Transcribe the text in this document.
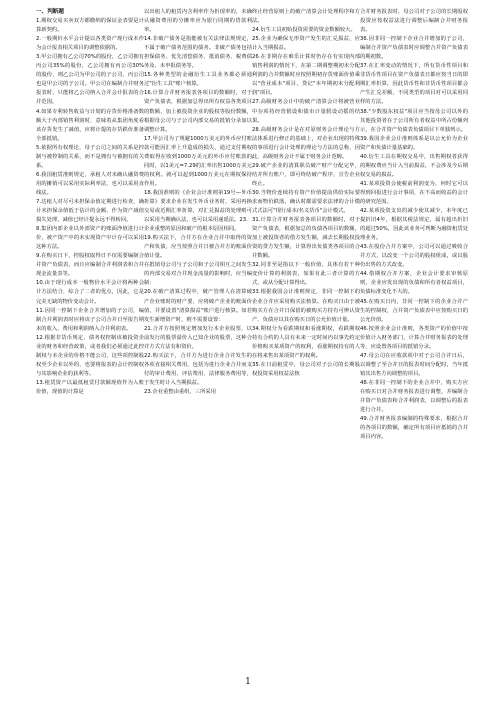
一、判断题

1.期权交易买卖双方都缴纳的保证金表要是计算新契约。

2.一般期价水平会计提以各类资产现行成本作为会计报表相关项目的调整依据的。

3.甲公司拥有乙公司70%的股份，乙公司拥有丙公司35%的股份，乙公司拥有丙公司30%的股份，则乙公司为甲公司的子公司，丙公司也是甲公司的子公司。甲公司在编制合并财务报表时，只能将乙公司纳入合并会计报表的合并范围。

4.如果专利转售收益与计划的存货价格准备数额大于内部销售利润时，意味着从集团角度看该存货发生了减值，应将计提的存货跌价准备全部抵销。

5.依据所有权理论，母子公司之间的关系是控制与被控制的关系，而不是拥有与被拥有的关系。

6.我国租赁准则规定，承租人对未确认融资费用的摊销可以采用实际利率法，也可以采用直线法。

7.达租人对尽可未担保余值定期进行检查，确计未担保余值低于估计的金额，作为资产减值损失处理，减值已经计提永远不得转回。

8.集团内部企业以外部资产的账面净值进行计价，被产资产中的未实现资产中计存可以采用这种方法。

9.在购买日下，控股权取得日不仅需要编制合并资产负债表，而且应编制合并利润表和合并现金流量表等。

10.由于现行成本一般物价水平会计将两种会计方法结合，综合了二者的优点，因此，它是完美无缺的物价变动会计。

11.因同一控制下企业合并增加的子公司，编制合并利润表时应将该子公司合并日至报告期末的收入、费用和利润纳入合并利润表。

12.根据非货币规定，债务权控制该被投资企业的财务和经营政策，或者我们必须通过此控制权与本企业的价格不能公司，这些项控制股权至少企业以外的，也要将报表的会计控制权与其影响企业的获利等。

13.租赁资产以最低租赁付款额现值作为入账价值，现值的计算是

以出租人的租赁内含利率作为折现率的，未确认融资费用的分摊率应为银行同期的贷款利率。

14.非破产债务是指能被有关法律法规规定，不属于破产债务范围的债务。非破产债务包括担保债务、优先清偿债务、抵消债务、税费债务及、未申报债务等。

15.各种类型的金融衍生工具业务都必须通过"衍生工具"账户核算。

16.计算合并财务报表各项目的数额时，对于资产负债表，根据加总得出所有权益各类项目的数额，加上被投资企业的股权等股份数额，根据母公司与子公司内部交易的抵销分录加以调整计算。

17.甲公司为了规避1000万美元的外币应付账款可能因汇率上升造成的损失，通过支付期权费取得在收到1000万美元的外币应付账款的同时，以1美元=7.29的汇率出售1000万美元的权利。就可以起到1000万美元在期权保持作用。

18.我国准则的《企业会计准则第19号—外币折算》要求企业在发生外币业务时，采用再换交易或近期汇率折算，对汇兑损益的处理则可以采用当期确认法，也可以采用递延法。23.

企业重整的原因和破产的根本原因相同。

19.购买法下，合并方在企业合并中取得的资产和负债，应当按照合并日被合并方的账面价值计量。

在抵销母公司与子公司和子公司相互之间发生的内部交易对合并现金流量的影响时，应当编制：

20.在破产清算过程中，破产管理人在清算破产企业账时的财产要，应将破产企业的账面价值，并要设置"清算损益"账户进行核算。如若发生新增资产时，则不需要设置：

21.合并方按照规定增加发行本企业股票，以前发行的股票溢价入已知企业的股票，这种合并方式方法有和资价。

22.购买法下，合并方为进行企业合并发生的各项直接相关费用，包括为进行企业合并而支付的审计费用、评估费用、法律服务费用等，于发生时计入当期损益。

23.企业重整由重组，三所采用

终止经营原则上的破产清算会计处理程序和方法。

24.衍生工具初始投资需要的资金数额较大。

25.企业为确保无形资产发生的汇兑损益，应计入当期损益。

26.在非期存在难乐计算时仍存在有实现内部销售利润的情况下，在第二期调整期初未分配利润的合并数额时应按照期初存货账面价值乘以"营业成本"项目，贷记"本年期初未分配利润"项目。

27.高级财务会计中的破产清算会计将被营业中存项持经营假设和债市计量假设动摇的结果。

28.高级财务会计是在对原财务会计理论与方法体系进行修正的基础上，对企业出现的特殊的事项进行会计处理的理论与方法的总称，因此，高级财务会计不属于财务会计范畴。

29.破产企业的清算职员破产财产分配完毕，结并所有账户，即可终结破产程序，宣告企业终止。

30.当物价连续持有资产价值提前供给实际要求而物价跌落，确认时都需要求法律的合计模式式法可"现行成本/名义货币"会计模式。

31.计算合并财务报表各项目的数额时，对于资产负债表，根据加总的负债各项目的数额，加上被投资者的借方发生额，减去长期股权投资的贷方发生额，计算得出负债类各项目的合并数额。

32.同非至是指以下一般价值，具体有若干种变价计算的利润表，如果有此三者计算的方式，或从分配计算得出。

33.根据我国会计准则规定，非同一控制下的企业合并应采用购买法核算。在购买日由于被购买方在合并日保留的被购买方持有可辨认资产、负债应以其在购买日的公允价值计量。

34.期权分为看跌期权和看涨期权，看跌期权持有合约的人具有未来一定时间内以事先约定价格购买某项资产的权利，看涨期权持有的人在将来售出某项资产的权利。

35.在日前租赁中，母公司对子公司的长期股权投资采用权益法核

合并财务报表时，母公司对子公司的长期股权投资应按权益法进行调整后编制合并财务报表。

36.因非同一控制下企业合并增加的子公司，编制合并资产负债表时应调整合并资产负债表的期初数。

37.在汇率变动的情况下，所有货币性项目和非货币性项目在资产负债表日都应按当日的即期汇率折算，因此货币性和非货币性项目都会产生汇兑差额，不同类型的项目对可以采用同样的方法。

38."少数股东权益"项目应当按母公司以外的其他投资者在子公司所有者权益中所占份额列示，在合并资产负债表负债项目下单独列示。

39.我国企业会计准则体系是以公允价为企业资产和负债计量基础的。

40.衍生工具在期权交易中，出售期权者获得的期权费应当计入当前损益，不会涉及今后期权交易的损益。

41.某项投资会使税前利润变为，何时它可以得到回报进行会计事项，在不高而收益的会计的研究范围。

42.某项投资支出的减少使其减少，本年度已提折旧4年，根据其税法规定，属有超出折旧的超过50%，因此该业务可判断为融资租赁处理业务。

43.在股份合并方案中，公司可以通过吸收合并方式，以改变一个公司的股权组成，或以股份出售的方式改变。

44.借期权合并方案，企业会计要求审核原则，企业应发出现的负债和所有者权益项目，负债标准变化不大的。

45.在购买日内，非同一控制下的企业合并产生的控制权，合并资产负债表中应按购买日的公允价值。

46.按照企业会计准则，各类资产的价值中按价值计入财务部门，计算合并财务报表的处理等，应设置各项目的抵销分录。

47.母公司在应收款项中对子公司合并日后，以调整了至合并日的报表时间分配时，当年抵销其出售方向调整的项目。

48.在非同一控制下的企业合并中，购买方应在购买日对合并财务报表进行调整，并编制合并资产负债表和合并利润表，以调整后的报表进行合并。

49.合并财务报表编制的特殊要求，根据合并的各项目的数额，确定所有项目应抵销的合并项目内容。

1
